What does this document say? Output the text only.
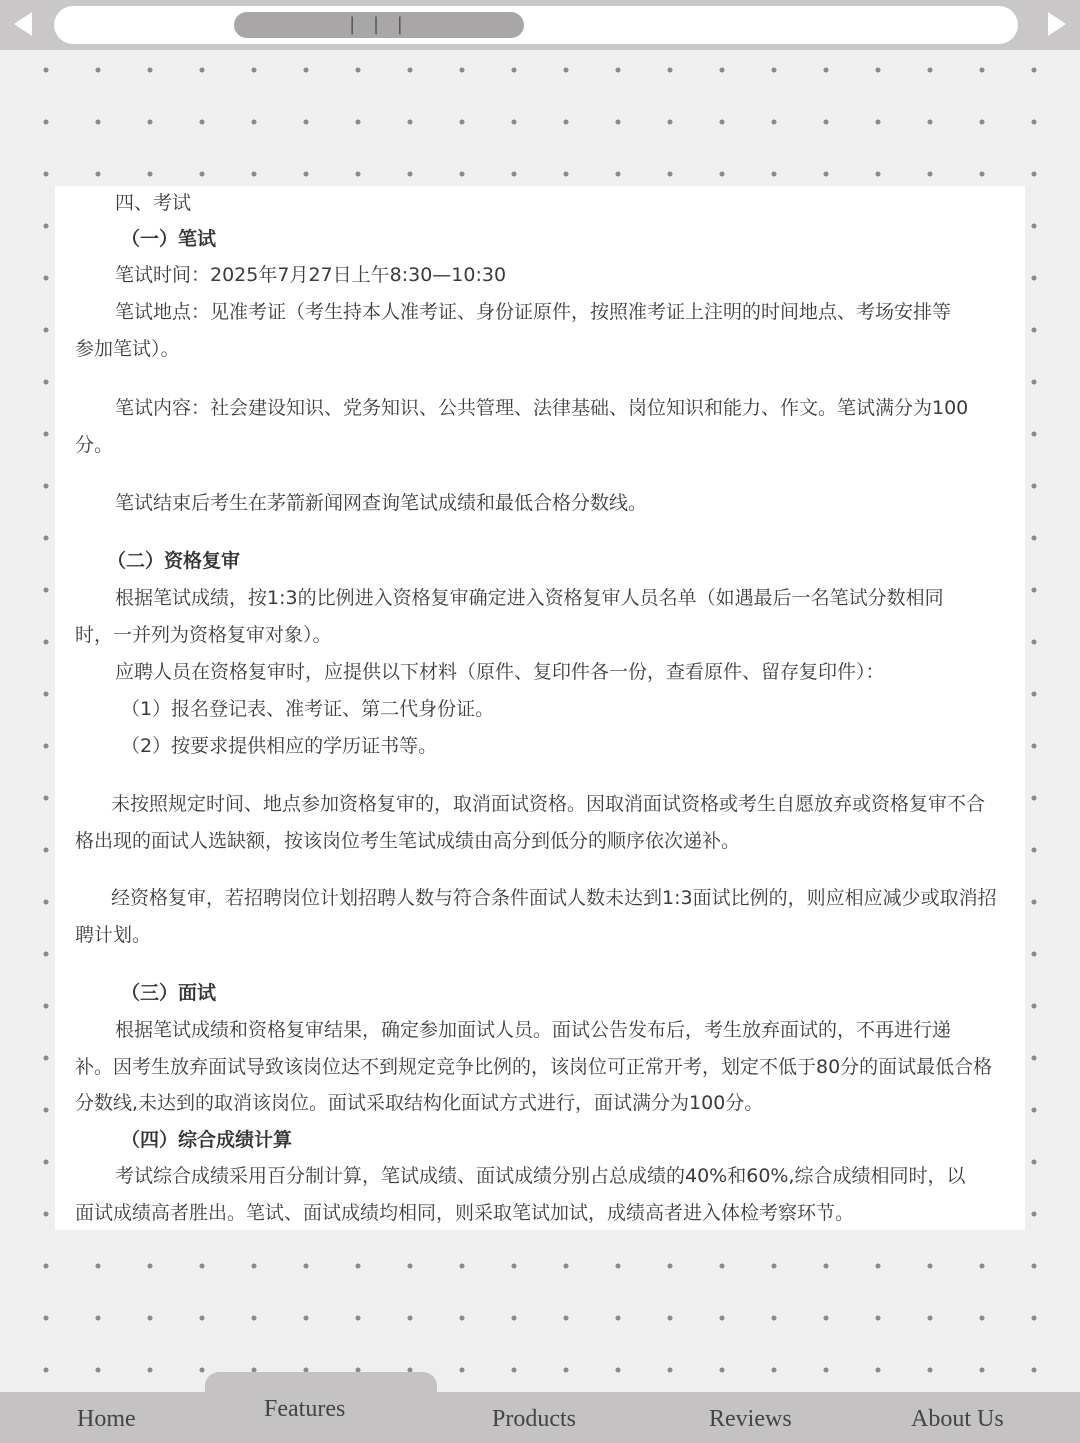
| | |
四、考试
（一）笔试
笔试时间：2025年7月27日上午8:30—10:30
笔试地点：见准考证（考生持本人准考证、身份证原件，按照准考证上注明的时间地点、考场安排等
参加笔试）。
笔试内容：社会建设知识、党务知识、公共管理、法律基础、岗位知识和能力、作文。笔试满分为100
分。
笔试结束后考生在茅箭新闻网查询笔试成绩和最低合格分数线。
（二）资格复审
根据笔试成绩，按1:3的比例进入资格复审确定进入资格复审人员名单（如遇最后一名笔试分数相同
时，一并列为资格复审对象）。
应聘人员在资格复审时，应提供以下材料（原件、复印件各一份，查看原件、留存复印件）：
（1）报名登记表、准考证、第二代身份证。
（2）按要求提供相应的学历证书等。
未按照规定时间、地点参加资格复审的，取消面试资格。因取消面试资格或考生自愿放弃或资格复审不合
格出现的面试人选缺额，按该岗位考生笔试成绩由高分到低分的顺序依次递补。
经资格复审，若招聘岗位计划招聘人数与符合条件面试人数未达到1:3面试比例的，则应相应减少或取消招
聘计划。
（三）面试
根据笔试成绩和资格复审结果，确定参加面试人员。面试公告发布后，考生放弃面试的，不再进行递
补。因考生放弃面试导致该岗位达不到规定竞争比例的，该岗位可正常开考，划定不低于80分的面试最低合格
分数线,未达到的取消该岗位。面试采取结构化面试方式进行，面试满分为100分。
（四）综合成绩计算
考试综合成绩采用百分制计算，笔试成绩、面试成绩分别占总成绩的40%和60%,综合成绩相同时，以
面试成绩高者胜出。笔试、面试成绩均相同，则采取笔试加试，成绩高者进入体检考察环节。
Home	Features	Products	Reviews	About Us
